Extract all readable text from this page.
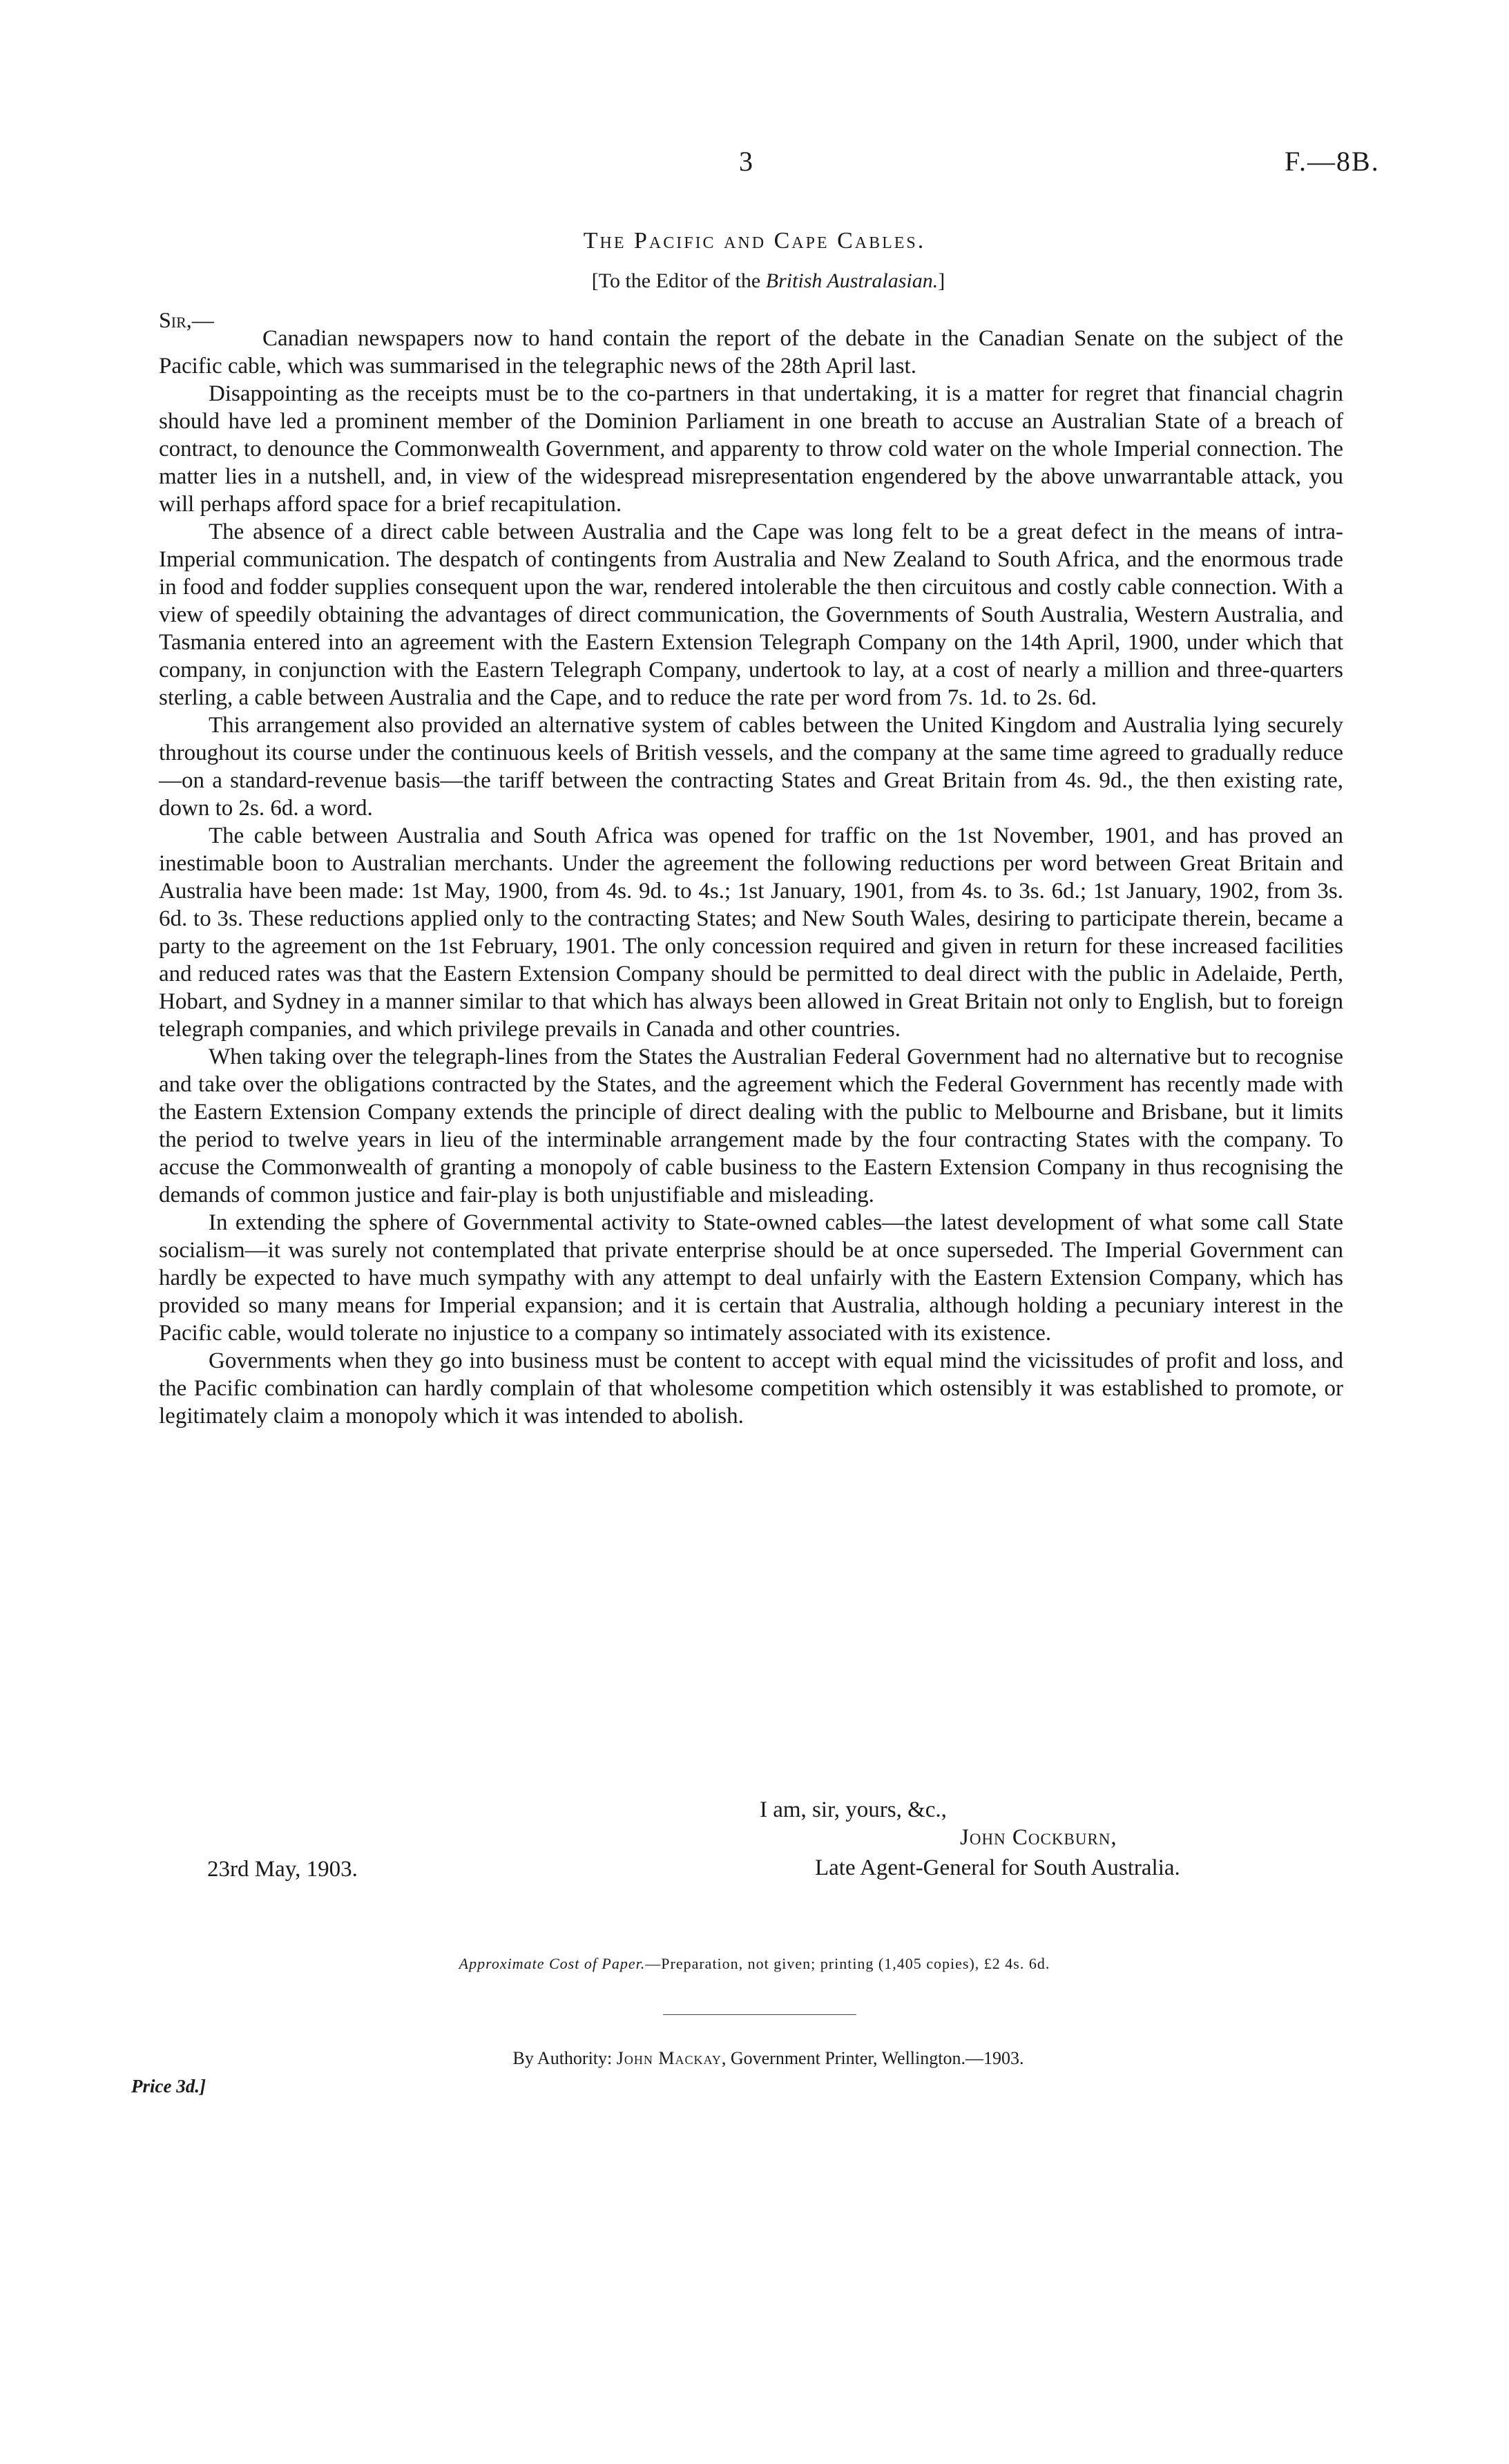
3	F.—8B.
The Pacific and Cape Cables.
[To the Editor of the British Australasian.]
Sir,—

Canadian newspapers now to hand contain the report of the debate in the Canadian Senate on the subject of the Pacific cable, which was summarised in the telegraphic news of the 28th April last.

Disappointing as the receipts must be to the co-partners in that undertaking, it is a matter for regret that financial chagrin should have led a prominent member of the Dominion Parliament in one breath to accuse an Australian State of a breach of contract, to denounce the Commonwealth Government, and apparenty to throw cold water on the whole Imperial connection. The matter lies in a nutshell, and, in view of the widespread misrepresentation engendered by the above unwarrantable attack, you will perhaps afford space for a brief recapitulation.

The absence of a direct cable between Australia and the Cape was long felt to be a great defect in the means of intra-Imperial communication. The despatch of contingents from Australia and New Zealand to South Africa, and the enormous trade in food and fodder supplies consequent upon the war, rendered intolerable the then circuitous and costly cable connection. With a view of speedily obtaining the advantages of direct communication, the Governments of South Australia, Western Australia, and Tasmania entered into an agreement with the Eastern Extension Telegraph Company on the 14th April, 1900, under which that company, in conjunction with the Eastern Telegraph Company, undertook to lay, at a cost of nearly a million and three-quarters sterling, a cable between Australia and the Cape, and to reduce the rate per word from 7s. 1d. to 2s. 6d.

This arrangement also provided an alternative system of cables between the United Kingdom and Australia lying securely throughout its course under the continuous keels of British vessels, and the company at the same time agreed to gradually reduce—on a standard-revenue basis—the tariff between the contracting States and Great Britain from 4s. 9d., the then existing rate, down to 2s. 6d. a word.

The cable between Australia and South Africa was opened for traffic on the 1st November, 1901, and has proved an inestimable boon to Australian merchants. Under the agreement the following reductions per word between Great Britain and Australia have been made: 1st May, 1900, from 4s. 9d. to 4s.; 1st January, 1901, from 4s. to 3s. 6d.; 1st January, 1902, from 3s. 6d. to 3s. These reductions applied only to the contracting States; and New South Wales, desiring to participate therein, became a party to the agreement on the 1st February, 1901. The only concession required and given in return for these increased facilities and reduced rates was that the Eastern Extension Company should be permitted to deal direct with the public in Adelaide, Perth, Hobart, and Sydney in a manner similar to that which has always been allowed in Great Britain not only to English, but to foreign telegraph companies, and which privilege prevails in Canada and other countries.

When taking over the telegraph-lines from the States the Australian Federal Government had no alternative but to recognise and take over the obligations contracted by the States, and the agreement which the Federal Government has recently made with the Eastern Extension Company extends the principle of direct dealing with the public to Melbourne and Brisbane, but it limits the period to twelve years in lieu of the interminable arrangement made by the four contracting States with the company. To accuse the Commonwealth of granting a monopoly of cable business to the Eastern Extension Company in thus recognising the demands of common justice and fair-play is both unjustifiable and misleading.

In extending the sphere of Governmental activity to State-owned cables—the latest development of what some call State socialism—it was surely not contemplated that private enterprise should be at once superseded. The Imperial Government can hardly be expected to have much sympathy with any attempt to deal unfairly with the Eastern Extension Company, which has provided so many means for Imperial expansion; and it is certain that Australia, although holding a pecuniary interest in the Pacific cable, would tolerate no injustice to a company so intimately associated with its existence.

Governments when they go into business must be content to accept with equal mind the vicissitudes of profit and loss, and the Pacific combination can hardly complain of that wholesome competition which ostensibly it was established to promote, or legitimately claim a monopoly which it was intended to abolish.

I am, sir, yours, &c.,
John Cockburn,
Late Agent-General for South Australia.
23rd May, 1903.
Approximate Cost of Paper.—Preparation, not given; printing (1,405 copies), £2 4s. 6d.
By Authority: John Mackay, Government Printer, Wellington.—1903.
Price 3d.]
